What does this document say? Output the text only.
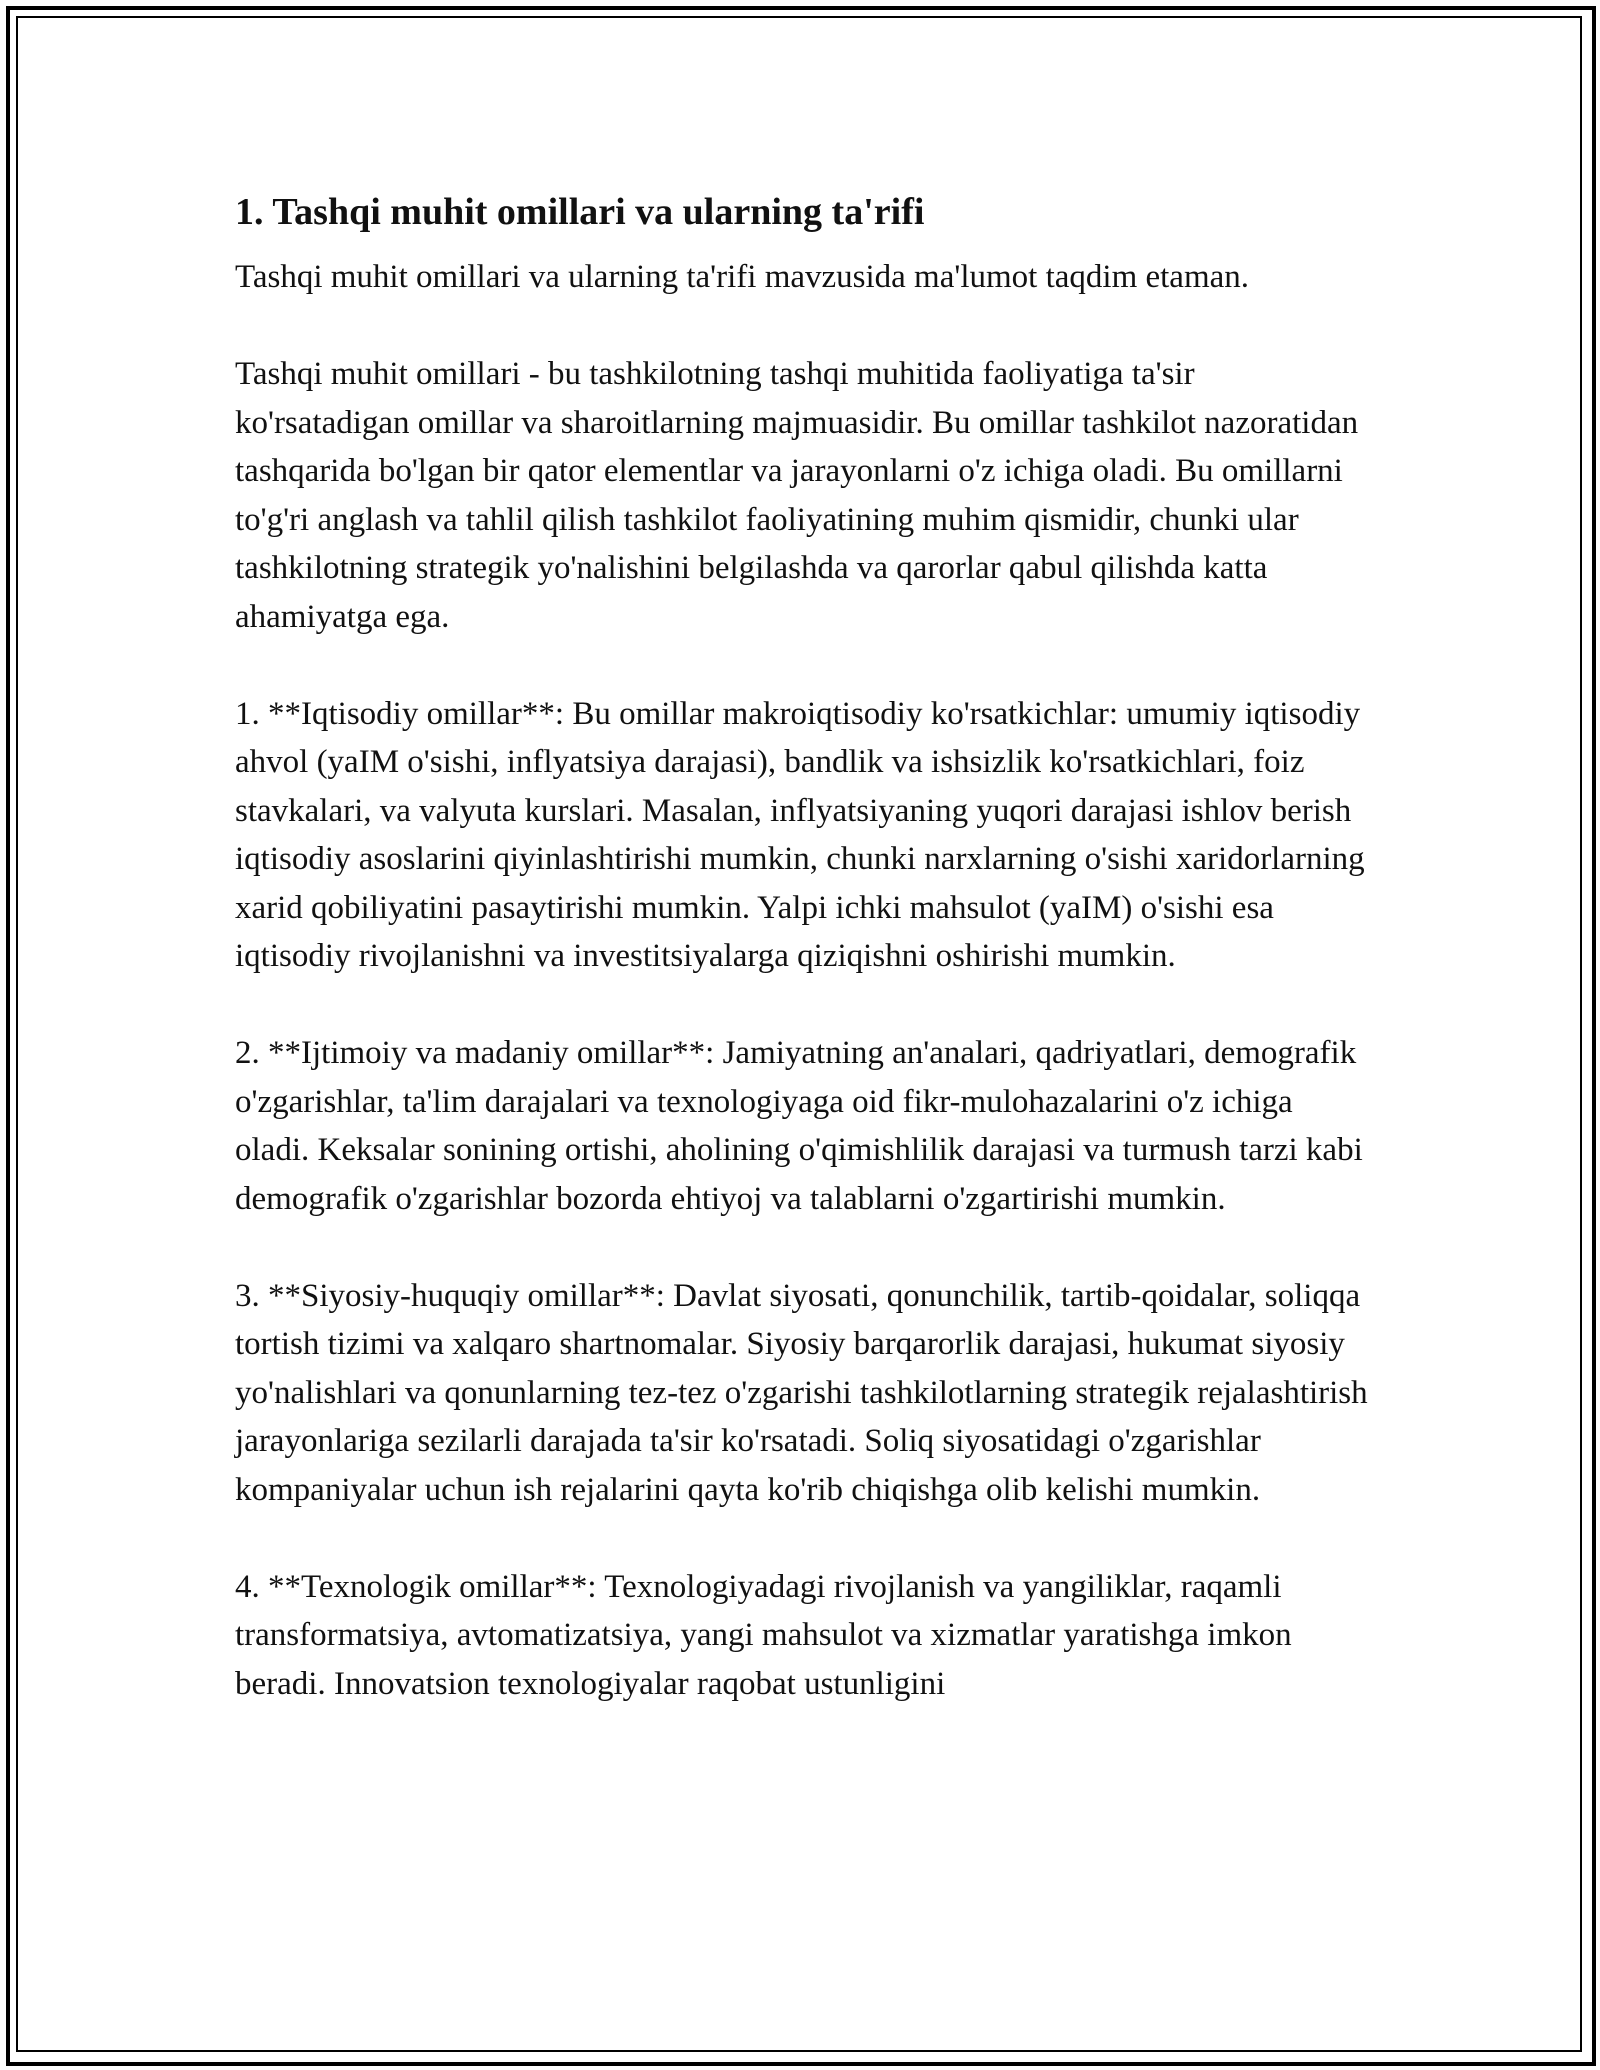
1. Tashqi muhit omillari va ularning ta'rifi

Tashqi muhit omillari va ularning ta'rifi mavzusida ma'lumot taqdim etaman.

Tashqi muhit omillari - bu tashkilotning tashqi muhitida faoliyatiga ta'sir ko'rsatadigan omillar va sharoitlarning majmuasidir. Bu omillar tashkilot nazoratidan tashqarida bo'lgan bir qator elementlar va jarayonlarni o'z ichiga oladi. Bu omillarni to'g'ri anglash va tahlil qilish tashkilot faoliyatining muhim qismidir, chunki ular tashkilotning strategik yo'nalishini belgilashda va qarorlar qabul qilishda katta ahamiyatga ega.

1. **Iqtisodiy omillar**: Bu omillar makroiqtisodiy ko'rsatkichlar: umumiy iqtisodiy ahvol (yaIM o'sishi, inflyatsiya darajasi), bandlik va ishsizlik ko'rsatkichlari, foiz stavkalari, va valyuta kurslari. Masalan, inflyatsiyaning yuqori darajasi ishlov berish iqtisodiy asoslarini qiyinlashtirishi mumkin, chunki narxlarning o'sishi xaridorlarning xarid qobiliyatini pasaytirishi mumkin. Yalpi ichki mahsulot (yaIM) o'sishi esa iqtisodiy rivojlanishni va investitsiyalarga qiziqishni oshirishi mumkin.

2. **Ijtimoiy va madaniy omillar**: Jamiyatning an'analari, qadriyatlari, demografik o'zgarishlar, ta'lim darajalari va texnologiyaga oid fikr-mulohazalarini o'z ichiga oladi. Keksalar sonining ortishi, aholining o'qimishlilik darajasi va turmush tarzi kabi demografik o'zgarishlar bozorda ehtiyoj va talablarni o'zgartirishi mumkin.

3. **Siyosiy-huquqiy omillar**: Davlat siyosati, qonunchilik, tartib-qoidalar, soliqqa tortish tizimi va xalqaro shartnomalar. Siyosiy barqarorlik darajasi, hukumat siyosiy yo'nalishlari va qonunlarning tez-tez o'zgarishi tashkilotlarning strategik rejalashtirish jarayonlariga sezilarli darajada ta'sir ko'rsatadi. Soliq siyosatidagi o'zgarishlar kompaniyalar uchun ish rejalarini qayta ko'rib chiqishga olib kelishi mumkin.

4. **Texnologik omillar**: Texnologiyadagi rivojlanish va yangiliklar, raqamli transformatsiya, avtomatizatsiya, yangi mahsulot va xizmatlar yaratishga imkon beradi. Innovatsion texnologiyalar raqobat ustunligini
